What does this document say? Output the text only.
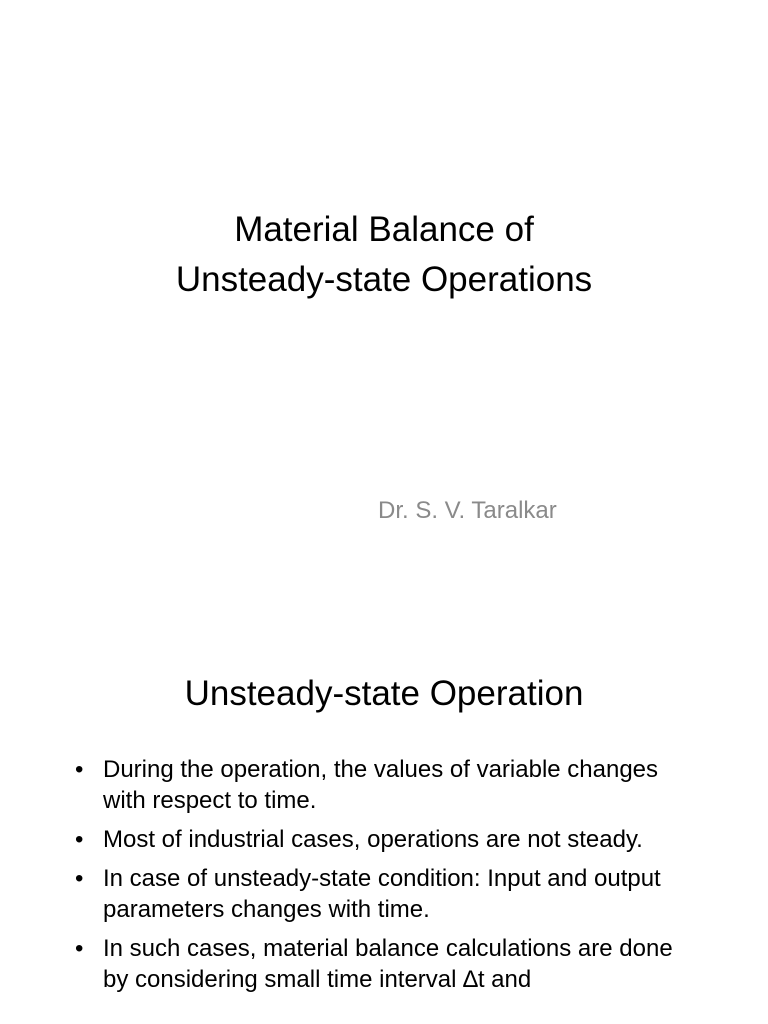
Material Balance of
Unsteady-state Operations
Dr. S. V. Taralkar
Unsteady-state Operation
• During the operation, the values of variable changes with respect to time.
• Most of industrial cases, operations are not steady.
• In case of unsteady-state condition: Input and output parameters changes with time.
• In such cases, material balance calculations are done by considering small time interval ∆t and
